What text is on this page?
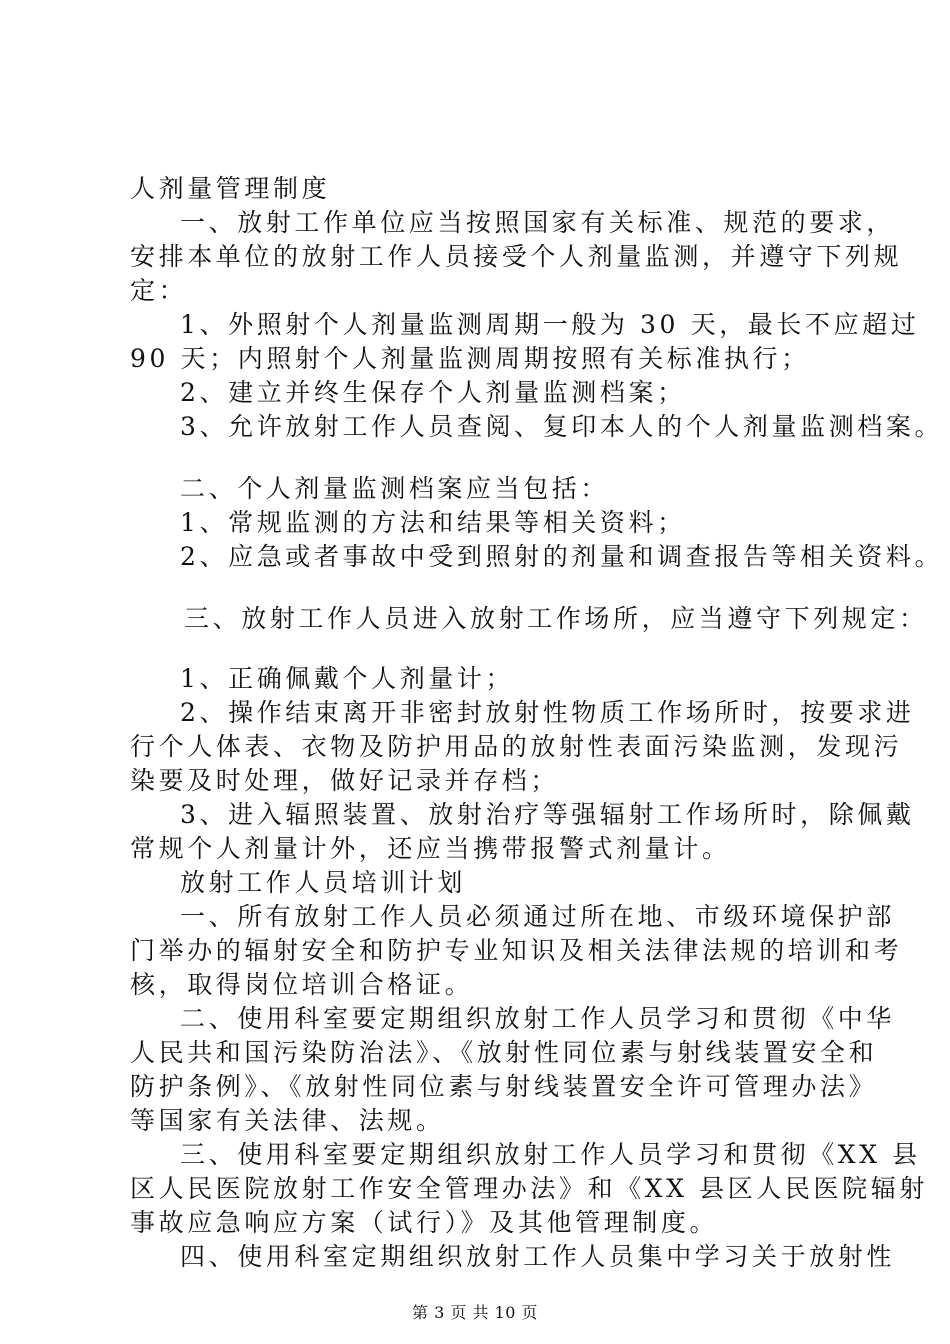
人剂量管理制度
一、放射工作单位应当按照国家有关标准、规范的要求，
安排本单位的放射工作人员接受个人剂量监测，并遵守下列规
定：
1、外照射个人剂量监测周期一般为 30 天，最长不应超过
90 天；内照射个人剂量监测周期按照有关标准执行；
2、建立并终生保存个人剂量监测档案；
3、允许放射工作人员查阅、复印本人的个人剂量监测档案。
二、个人剂量监测档案应当包括：
1、常规监测的方法和结果等相关资料；
2、应急或者事故中受到照射的剂量和调查报告等相关资料。
三、放射工作人员进入放射工作场所，应当遵守下列规定：
1、正确佩戴个人剂量计；
2、操作结束离开非密封放射性物质工作场所时，按要求进
行个人体表、衣物及防护用品的放射性表面污染监测，发现污
染要及时处理，做好记录并存档；
3、进入辐照装置、放射治疗等强辐射工作场所时，除佩戴
常规个人剂量计外，还应当携带报警式剂量计。
放射工作人员培训计划
一、所有放射工作人员必须通过所在地、市级环境保护部
门举办的辐射安全和防护专业知识及相关法律法规的培训和考
核，取得岗位培训合格证。
二、使用科室要定期组织放射工作人员学习和贯彻《中华
人民共和国污染防治法》、《放射性同位素与射线装置安全和
防护条例》、《放射性同位素与射线装置安全许可管理办法》
等国家有关法律、法规。
三、使用科室要定期组织放射工作人员学习和贯彻《XX 县
区人民医院放射工作安全管理办法》和《XX 县区人民医院辐射
事故应急响应方案（试行）》及其他管理制度。
四、使用科室定期组织放射工作人员集中学习关于放射性
第 3 页 共 10 页
